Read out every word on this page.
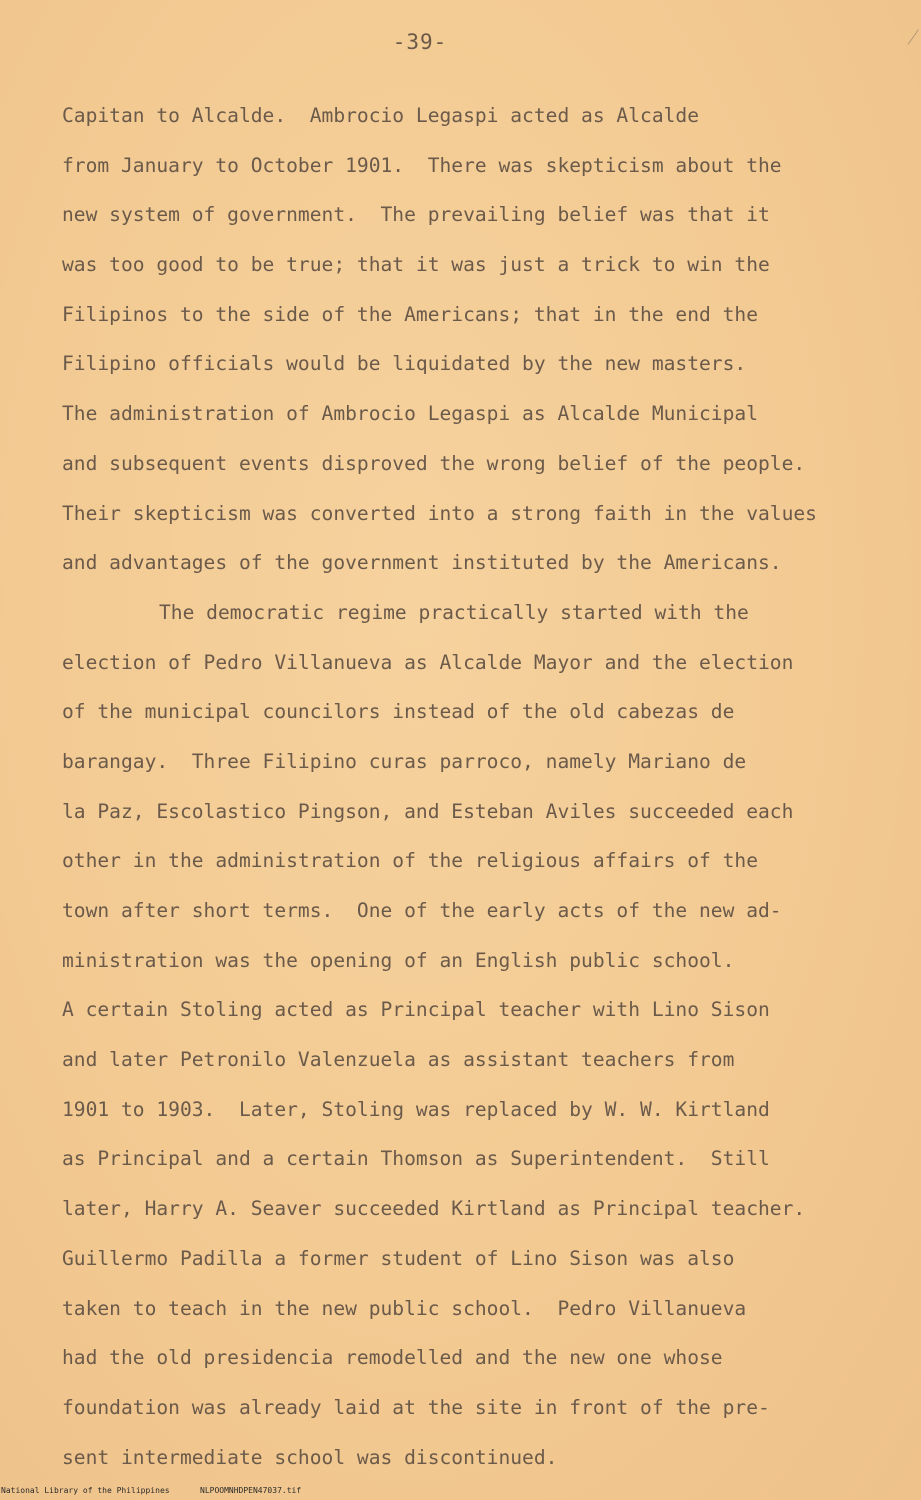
-39-
Capitan to Alcalde.  Ambrocio Legaspi acted as Alcalde
from January to October 1901.  There was skepticism about the
new system of government.  The prevailing belief was that it
was too good to be true; that it was just a trick to win the
Filipinos to the side of the Americans; that in the end the
Filipino officials would be liquidated by the new masters.
The administration of Ambrocio Legaspi as Alcalde Municipal
and subsequent events disproved the wrong belief of the people.
Their skepticism was converted into a strong faith in the values
and advantages of the government instituted by the Americans.
The democratic regime practically started with the
election of Pedro Villanueva as Alcalde Mayor and the election
of the municipal councilors instead of the old cabezas de
barangay.  Three Filipino curas parroco, namely Mariano de
la Paz, Escolastico Pingson, and Esteban Aviles succeeded each
other in the administration of the religious affairs of the
town after short terms.  One of the early acts of the new ad-
ministration was the opening of an English public school.
A certain Stoling acted as Principal teacher with Lino Sison
and later Petronilo Valenzuela as assistant teachers from
1901 to 1903.  Later, Stoling was replaced by W. W. Kirtland
as Principal and a certain Thomson as Superintendent.  Still
later, Harry A. Seaver succeeded Kirtland as Principal teacher.
Guillermo Padilla a former student of Lino Sison was also
taken to teach in the new public school.  Pedro Villanueva
had the old presidencia remodelled and the new one whose
foundation was already laid at the site in front of the pre-
sent intermediate school was discontinued.
National Library of the Philippines	NLPOOMNHDPEN47037.tif
